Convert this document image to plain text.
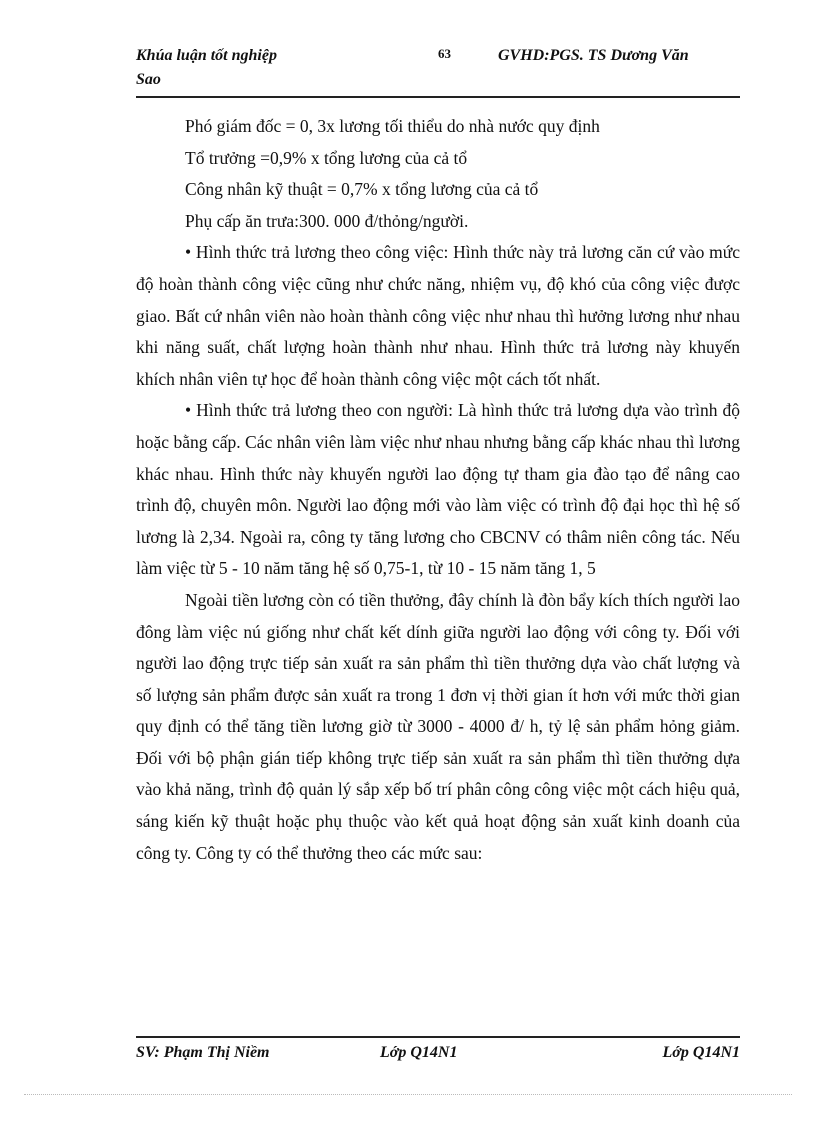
Khúa luận tốt nghiệp
Sao
63	GVHD:PGS. TS Dương Văn

Phó giám đốc = 0, 3x lương tối thiểu do nhà nước quy định

Tổ trưởng =0,9% x tổng lương của cả tổ

Công nhân kỹ thuật = 0,7% x tổng lương của cả tổ

Phụ cấp ăn trưa:300. 000 đ/thỏng/người.

• Hình thức trả lương theo công việc: Hình thức này trả lương căn cứ vào mức độ hoàn thành công việc cũng như chức năng, nhiệm vụ, độ khó của công việc được giao. Bất cứ nhân viên nào hoàn thành công việc như nhau thì hưởng lương như nhau khi năng suất, chất lượng hoàn thành như nhau. Hình thức trả lương này khuyến khích nhân viên tự học để hoàn thành công việc một cách tốt nhất.

• Hình thức trả lương theo con người: Là hình thức trả lương dựa vào trình độ hoặc bằng cấp. Các nhân viên làm việc như nhau nhưng bằng cấp khác nhau thì lương khác nhau. Hình thức này khuyến người lao động tự tham gia đào tạo để nâng cao trình độ, chuyên môn. Người lao động mới vào làm việc có trình độ đại học thì hệ số lương là 2,34. Ngoài ra, công ty tăng lương cho CBCNV có thâm niên công tác. Nếu làm việc từ 5 - 10 năm tăng hệ số 0,75-1, từ 10 - 15 năm tăng 1, 5

Ngoài tiền lương còn có tiền thưởng, đây chính là đòn bẩy kích thích người lao đông làm việc nú giống như chất kết dính giữa người lao động với công ty. Đối với người lao động trực tiếp sản xuất ra sản phẩm thì tiền thưởng dựa vào chất lượng và số lượng sản phẩm được sản xuất ra trong 1 đơn vị thời gian ít hơn với mức thời gian quy định có thể tăng tiền lương giờ từ 3000 - 4000 đ/ h, tỷ lệ sản phẩm hỏng giảm. Đối với bộ phận gián tiếp không trực tiếp sản xuất ra sản phẩm thì tiền thưởng dựa vào khả năng, trình độ quản lý sắp xếp bố trí phân công công việc một cách hiệu quả, sáng kiến kỹ thuật hoặc phụ thuộc vào kết quả hoạt động sản xuất kinh doanh của công ty. Công ty có thể thưởng theo các mức sau:

SV: Phạm Thị Niềm	Lớp Q14N1	Lớp Q14N1
